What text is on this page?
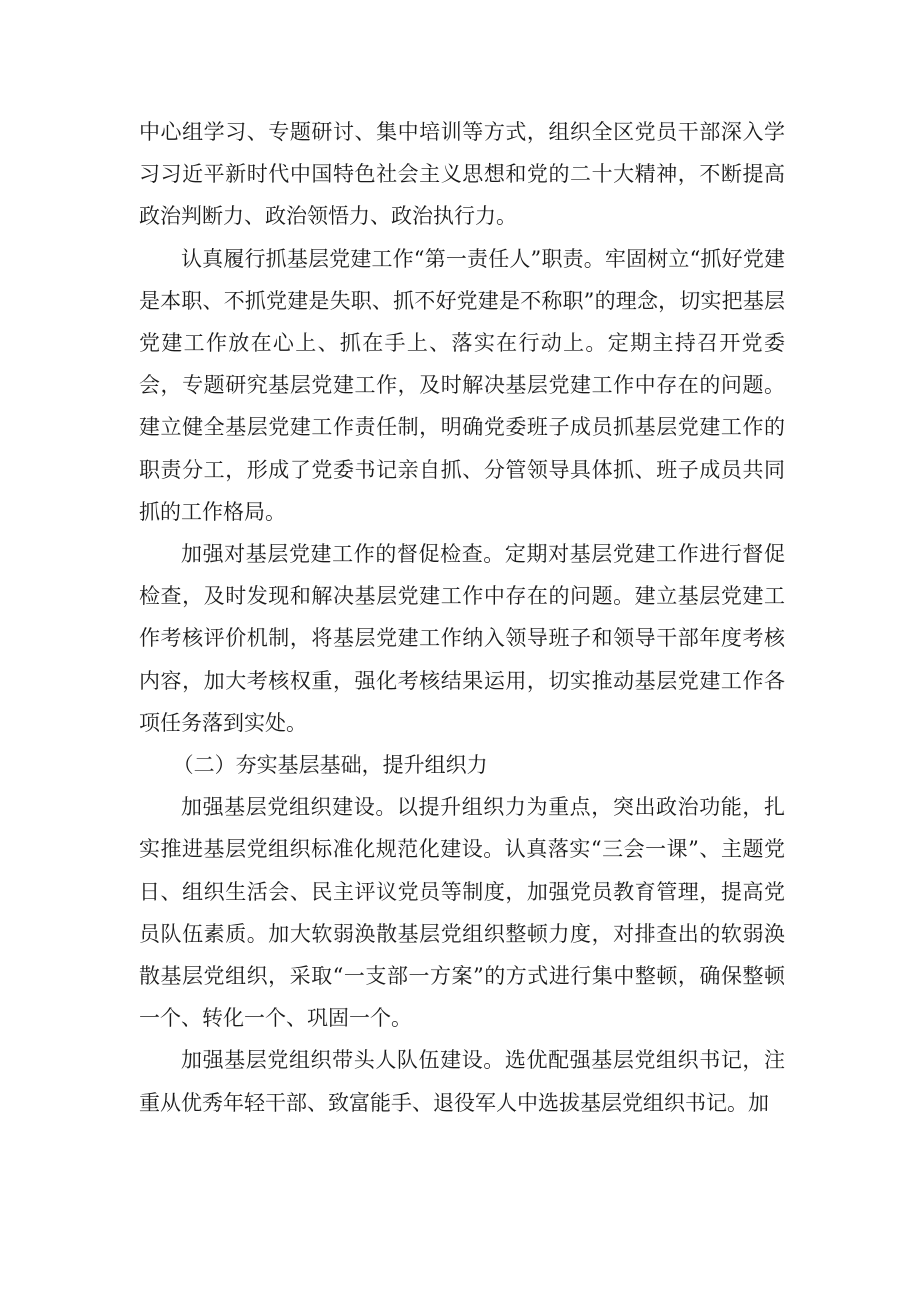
中心组学习、专题研讨、集中培训等方式，组织全区党员干部深入学习习近平新时代中国特色社会主义思想和党的二十大精神，不断提高政治判断力、政治领悟力、政治执行力。

认真履行抓基层党建工作“第一责任人”职责。牢固树立“抓好党建是本职、不抓党建是失职、抓不好党建是不称职”的理念，切实把基层党建工作放在心上、抓在手上、落实在行动上。定期主持召开党委会，专题研究基层党建工作，及时解决基层党建工作中存在的问题。建立健全基层党建工作责任制，明确党委班子成员抓基层党建工作的职责分工，形成了党委书记亲自抓、分管领导具体抓、班子成员共同抓的工作格局。

加强对基层党建工作的督促检查。定期对基层党建工作进行督促检查，及时发现和解决基层党建工作中存在的问题。建立基层党建工作考核评价机制，将基层党建工作纳入领导班子和领导干部年度考核内容，加大考核权重，强化考核结果运用，切实推动基层党建工作各项任务落到实处。

（二）夯实基层基础，提升组织力

加强基层党组织建设。以提升组织力为重点，突出政治功能，扎实推进基层党组织标准化规范化建设。认真落实“三会一课”、主题党日、组织生活会、民主评议党员等制度，加强党员教育管理，提高党员队伍素质。加大软弱涣散基层党组织整顿力度，对排查出的软弱涣散基层党组织，采取“一支部一方案”的方式进行集中整顿，确保整顿一个、转化一个、巩固一个。

加强基层党组织带头人队伍建设。选优配强基层党组织书记，注重从优秀年轻干部、致富能手、退役军人中选拔基层党组织书记。加
